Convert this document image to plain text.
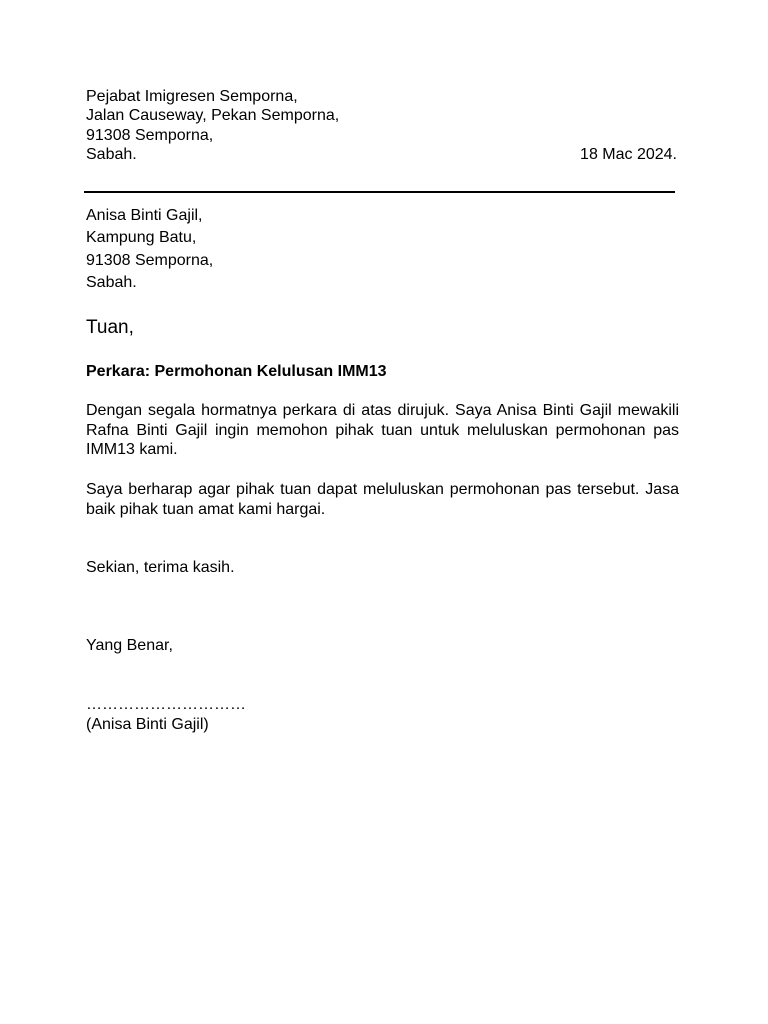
Pejabat Imigresen Semporna,
Jalan Causeway, Pekan Semporna,
91308 Semporna,
Sabah.	18 Mac 2024.
Anisa Binti Gajil,
Kampung Batu,
91308 Semporna,
Sabah.
Tuan,
Perkara: Permohonan Kelulusan IMM13
Dengan segala hormatnya perkara di atas dirujuk. Saya Anisa Binti Gajil mewakili Rafna Binti Gajil ingin memohon pihak tuan untuk meluluskan permohonan pas IMM13 kami.
Saya berharap agar pihak tuan dapat meluluskan permohonan pas tersebut. Jasa baik pihak tuan amat kami hargai.
Sekian, terima kasih.
Yang Benar,
…………………………
(Anisa Binti Gajil)
